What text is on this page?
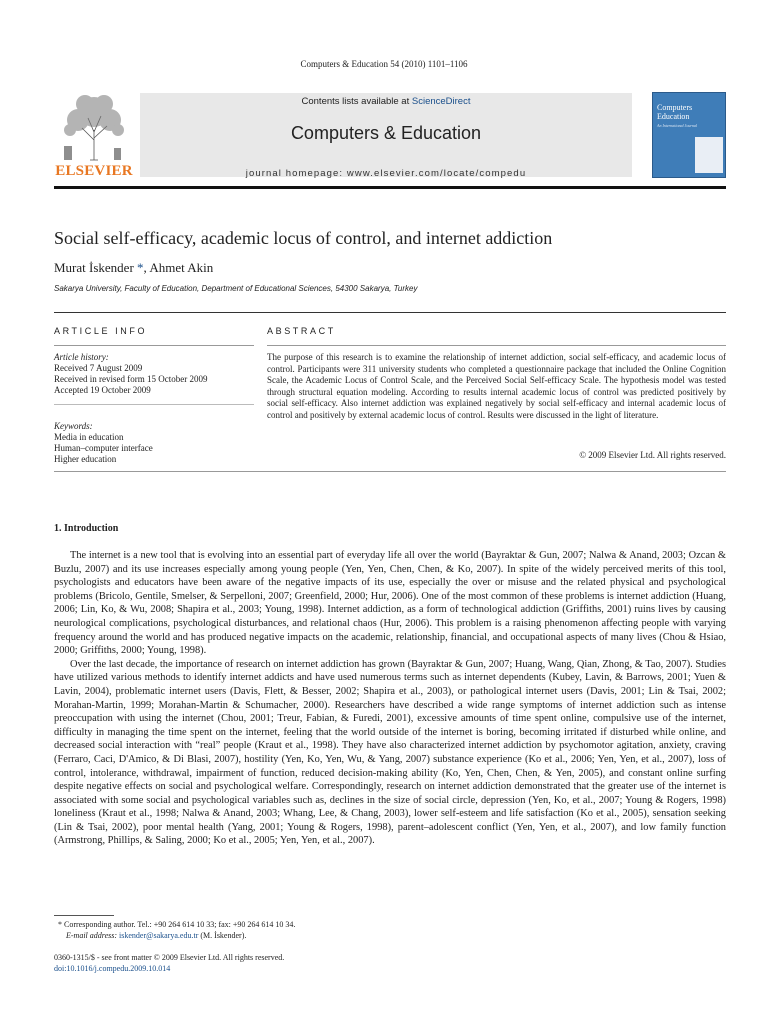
Computers & Education 54 (2010) 1101–1106
ELSEVIER
Contents lists available at ScienceDirect
Computers & Education
journal homepage: www.elsevier.com/locate/compedu
Computers
Education
An International Journal
Social self-efficacy, academic locus of control, and internet addiction
Murat İskender *, Ahmet Akin
Sakarya University, Faculty of Education, Department of Educational Sciences, 54300 Sakarya, Turkey
ARTICLE INFO
Article history:
Received 7 August 2009
Received in revised form 15 October 2009
Accepted 19 October 2009
Keywords:
Media in education
Human–computer interface
Higher education
ABSTRACT
The purpose of this research is to examine the relationship of internet addiction, social self-efficacy, and academic locus of control. Participants were 311 university students who completed a questionnaire package that included the Online Cognition Scale, the Academic Locus of Control Scale, and the Perceived Social Self-efficacy Scale. The hypothesis model was tested through structural equation modeling. According to results internal academic locus of control was predicted positively by social self-efficacy. Also internet addiction was explained negatively by social self-efficacy and internal academic locus of control and positively by external academic locus of control. Results were discussed in the light of literature.
© 2009 Elsevier Ltd. All rights reserved.
1. Introduction

The internet is a new tool that is evolving into an essential part of everyday life all over the world (Bayraktar & Gun, 2007; Nalwa & Anand, 2003; Ozcan & Buzlu, 2007) and its use increases especially among young people (Yen, Yen, Chen, Chen, & Ko, 2007). In spite of the widely perceived merits of this tool, psychologists and educators have been aware of the negative impacts of its use, especially the over or misuse and the related physical and psychological problems (Bricolo, Gentile, Smelser, & Serpelloni, 2007; Greenfield, 2000; Hur, 2006). One of the most common of these problems is internet addiction (Huang, 2006; Lin, Ko, & Wu, 2008; Shapira et al., 2003; Young, 1998). Internet addiction, as a form of technological addiction (Griffiths, 2001) ruins lives by causing neurological complications, psychological disturbances, and relational chaos (Hur, 2006). This problem is a raising phenomenon affecting people with varying frequency around the world and has produced negative impacts on the academic, relationship, financial, and occupational aspects of many lives (Chou & Hsiao, 2000; Griffiths, 2000; Young, 1998).

Over the last decade, the importance of research on internet addiction has grown (Bayraktar & Gun, 2007; Huang, Wang, Qian, Zhong, & Tao, 2007). Studies have utilized various methods to identify internet addicts and have used numerous terms such as internet dependents (Kubey, Lavin, & Barrows, 2001; Yuen & Lavin, 2004), problematic internet users (Davis, Flett, & Besser, 2002; Shapira et al., 2003), or pathological internet users (Davis, 2001; Lin & Tsai, 2002; Morahan-Martin, 1999; Morahan-Martin & Schumacher, 2000). Researchers have described a wide range symptoms of internet addiction such as intense preoccupation with using the internet (Chou, 2001; Treur, Fabian, & Furedi, 2001), excessive amounts of time spent online, compulsive use of the internet, difficulty in managing the time spent on the internet, feeling that the world outside of the internet is boring, becoming irritated if disturbed while online, and decreased social interaction with “real” people (Kraut et al., 1998). They have also characterized internet addiction by psychomotor agitation, anxiety, craving (Ferraro, Caci, D'Amico, & Di Blasi, 2007), hostility (Yen, Ko, Yen, Wu, & Yang, 2007) substance experience (Ko et al., 2006; Yen, Yen, et al., 2007), loss of control, intolerance, withdrawal, impairment of function, reduced decision-making ability (Ko, Yen, Chen, Chen, & Yen, 2005), and constant online surfing despite negative effects on social and psychological welfare. Correspondingly, research on internet addiction demonstrated that the greater use of the internet is associated with some social and psychological variables such as, declines in the size of social circle, depression (Yen, Ko, et al., 2007; Young & Rogers, 1998) loneliness (Kraut et al., 1998; Nalwa & Anand, 2003; Whang, Lee, & Chang, 2003), lower self-esteem and life satisfaction (Ko et al., 2005), sensation seeking (Lin & Tsai, 2002), poor mental health (Yang, 2001; Young & Rogers, 1998), parent–adolescent conflict (Yen, Yen, et al., 2007), and low family function (Armstrong, Phillips, & Saling, 2000; Ko et al., 2005; Yen, Yen, et al., 2007).

* Corresponding author. Tel.: +90 264 614 10 33; fax: +90 264 614 10 34.
E-mail address: iskender@sakarya.edu.tr (M. İskender).
0360-1315/$ - see front matter © 2009 Elsevier Ltd. All rights reserved.
doi:10.1016/j.compedu.2009.10.014
